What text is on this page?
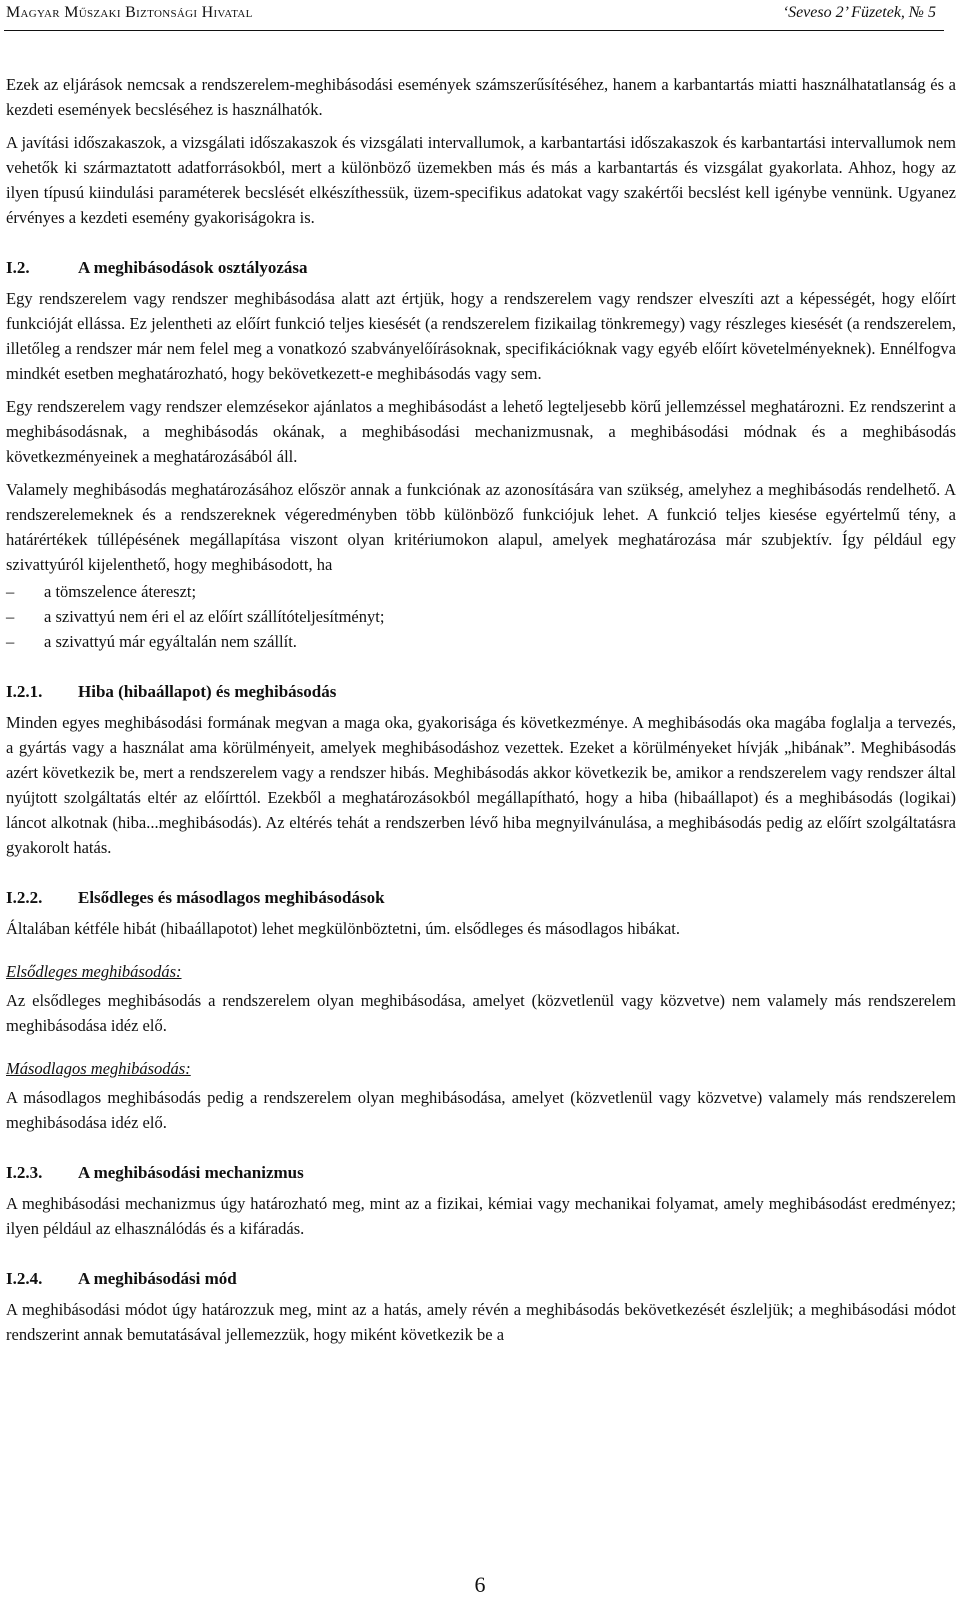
Magyar Műszaki Biztonsági Hivatal	‘Seveso 2’ Füzetek, № 5

Ezek az eljárások nemcsak a rendszerelem-meghibásodási események számszerűsítéséhez, hanem a karbantartás miatti használhatatlanság és a kezdeti események becsléséhez is használhatók.

A javítási időszakaszok, a vizsgálati időszakaszok és vizsgálati intervallumok, a karbantartási időszakaszok és karbantartási intervallumok nem vehetők ki származtatott adatforrásokból, mert a különböző üzemekben más és más a karbantartás és vizsgálat gyakorlata. Ahhoz, hogy az ilyen típusú kiindulási paraméterek becslését elkészíthessük, üzem-specifikus adatokat vagy szakértői becslést kell igénybe vennünk. Ugyanez érvényes a kezdeti esemény gyakoriságokra is.

I.2.	A meghibásodások osztályozása

Egy rendszerelem vagy rendszer meghibásodása alatt azt értjük, hogy a rendszerelem vagy rendszer elveszíti azt a képességét, hogy előírt funkcióját ellássa. Ez jelentheti az előírt funkció teljes kiesését (a rendszerelem fizikailag tönkremegy) vagy részleges kiesését (a rendszerelem, illetőleg a rendszer már nem felel meg a vonatkozó szabványelőírásoknak, specifikációknak vagy egyéb előírt követelményeknek). Ennélfogva mindkét esetben meghatározható, hogy bekövetkezett-e meghibásodás vagy sem.

Egy rendszerelem vagy rendszer elemzésekor ajánlatos a meghibásodást a lehető legteljesebb körű jellemzéssel meghatározni. Ez rendszerint a meghibásodásnak, a meghibásodás okának, a meghibásodási mechanizmusnak, a meghibásodási módnak és a meghibásodás következményeinek a meghatározásából áll.

Valamely meghibásodás meghatározásához először annak a funkciónak az azonosítására van szükség, amelyhez a meghibásodás rendelhető. A rendszerelemeknek és a rendszereknek végeredményben több különböző funkciójuk lehet. A funkció teljes kiesése egyértelmű tény, a határértékek túllépésének megállapítása viszont olyan kritériumokon alapul, amelyek meghatározása már szubjektív. Így például egy szivattyúról kijelenthető, hogy meghibásodott, ha

–	a tömszelence átereszt;
–	a szivattyú nem éri el az előírt szállítóteljesítményt;
–	a szivattyú már egyáltalán nem szállít.
I.2.1. Hiba (hibaállapot) és meghibásodás

Minden egyes meghibásodási formának megvan a maga oka, gyakorisága és következménye. A meghibásodás oka magába foglalja a tervezés, a gyártás vagy a használat ama körülményeit, amelyek meghibásodáshoz vezettek. Ezeket a körülményeket hívják „hibának”. Meghibásodás azért következik be, mert a rendszerelem vagy a rendszer hibás. Meghibásodás akkor következik be, amikor a rendszerelem vagy rendszer által nyújtott szolgáltatás eltér az előírttól. Ezekből a meghatározásokból megállapítható, hogy a hiba (hibaállapot) és a meghibásodás (logikai) láncot alkotnak (hiba...meghibásodás). Az eltérés tehát a rendszerben lévő hiba megnyilvánulása, a meghibásodás pedig az előírt szolgáltatásra gyakorolt hatás.

I.2.2. Elsődleges és másodlagos meghibásodások

Általában kétféle hibát (hibaállapotot) lehet megkülönböztetni, úm. elsődleges és másodlagos hibákat.

Elsődleges meghibásodás:

Az elsődleges meghibásodás a rendszerelem olyan meghibásodása, amelyet (közvetlenül vagy közvetve) nem valamely más rendszerelem meghibásodása idéz elő.

Másodlagos meghibásodás:

A másodlagos meghibásodás pedig a rendszerelem olyan meghibásodása, amelyet (közvetlenül vagy közvetve) valamely más rendszerelem meghibásodása idéz elő.

I.2.3. A meghibásodási mechanizmus

A meghibásodási mechanizmus úgy határozható meg, mint az a fizikai, kémiai vagy mechanikai folyamat, amely meghibásodást eredményez; ilyen például az elhasználódás és a kifáradás.

I.2.4. A meghibásodási mód

A meghibásodási módot úgy határozzuk meg, mint az a hatás, amely révén a meghibásodás bekövetkezését észleljük; a meghibásodási módot rendszerint annak bemutatásával jellemezzük, hogy miként következik be a

6
